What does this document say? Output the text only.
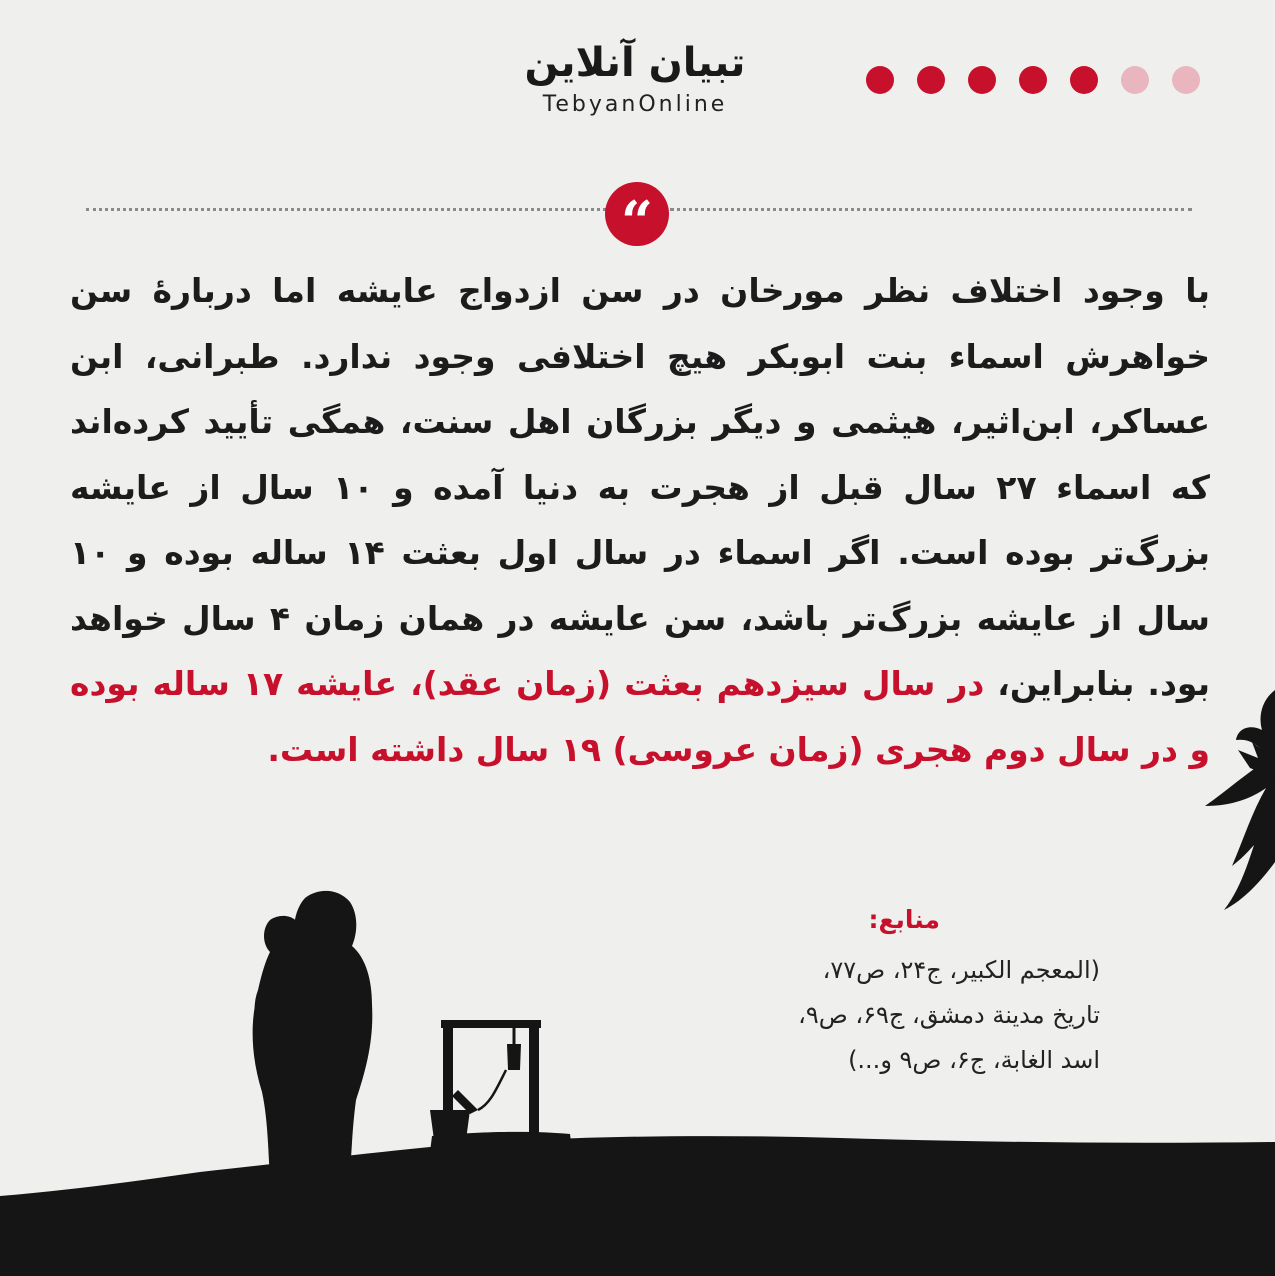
تبیان آنلاین
TebyanOnline
“
با وجود اختلاف نظر مورخان در سن ازدواج عایشه اما دربارۀ سن خواهرش اسماء بنت ابوبکر هیچ اختلافی وجود ندارد. طبرانی، ابن عساکر، ابن‌اثیر، هیثمی و دیگر بزرگان اهل سنت، همگی تأیید کرده‌اند که اسماء ۲۷ سال قبل از هجرت به دنیا آمده و ۱۰ سال از عایشه بزرگ‌تر بوده است. اگر اسماء در سال اول بعثت ۱۴ ساله بوده و ۱۰ سال از عایشه بزرگ‌تر باشد، سن عایشه در همان زمان ۴ سال خواهد بود. بنابراین، در سال سیزدهم بعثت (زمان عقد)، عایشه ۱۷ ساله بوده و در سال دوم هجری (زمان عروسی) ۱۹ سال داشته است.
منابع:
(المعجم الکبیر، ج۲۴، ص۷۷،
تاریخ مدینة دمشق، ج۶۹، ص۹،
اسد الغابة، ج۶، ص۹ و...)
